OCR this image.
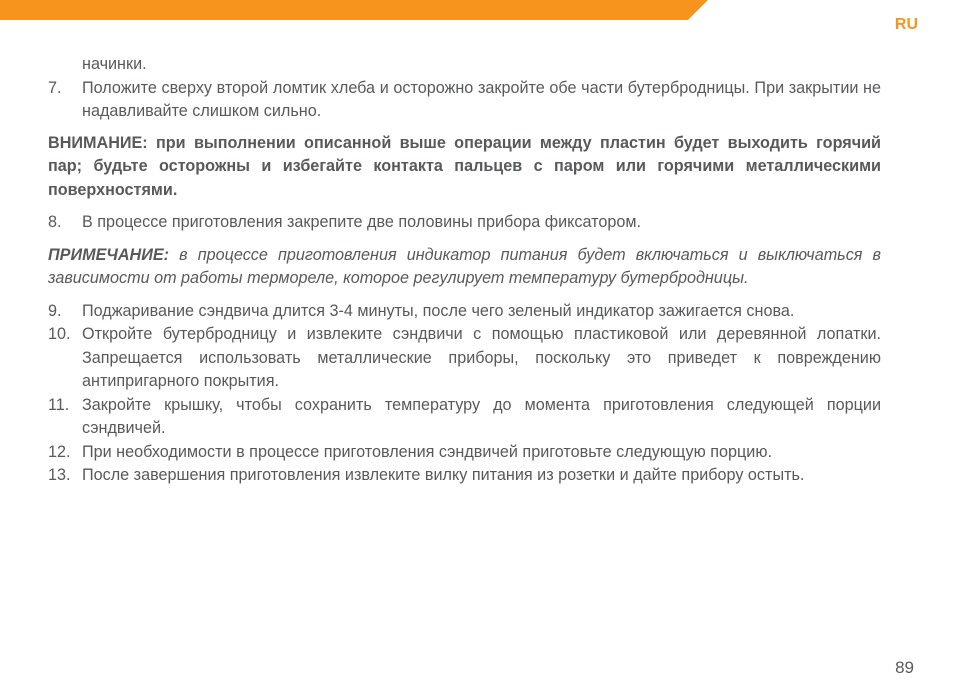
RU
начинки.
7.	Положите сверху второй ломтик хлеба и осторожно закройте обе части бутербродницы. При закрытии не надавливайте слишком сильно.
ВНИМАНИЕ: при выполнении описанной выше операции между пластин будет выходить горячий пар; будьте осторожны и избегайте контакта пальцев с паром или горячими металлическими поверхностями.
8.	В процессе приготовления закрепите две половины прибора фиксатором.
ПРИМЕЧАНИЕ: в процессе приготовления индикатор питания будет включаться и выключаться в зависимости от работы термореле, которое регулирует температуру бутербродницы.
9.	Поджаривание сэндвича длится 3-4 минуты, после чего зеленый индикатор зажигается снова.
10. Откройте бутербродницу и извлеките сэндвичи с помощью пластиковой или деревянной лопатки. Запрещается использовать металлические приборы, поскольку это приведет к повреждению антипригарного покрытия.
11. Закройте крышку, чтобы сохранить температуру до момента приготовления следующей порции сэндвичей.
12. При необходимости в процессе приготовления сэндвичей приготовьте следующую порцию.
13. После завершения приготовления извлеките вилку питания из розетки и дайте прибору остыть.
89
